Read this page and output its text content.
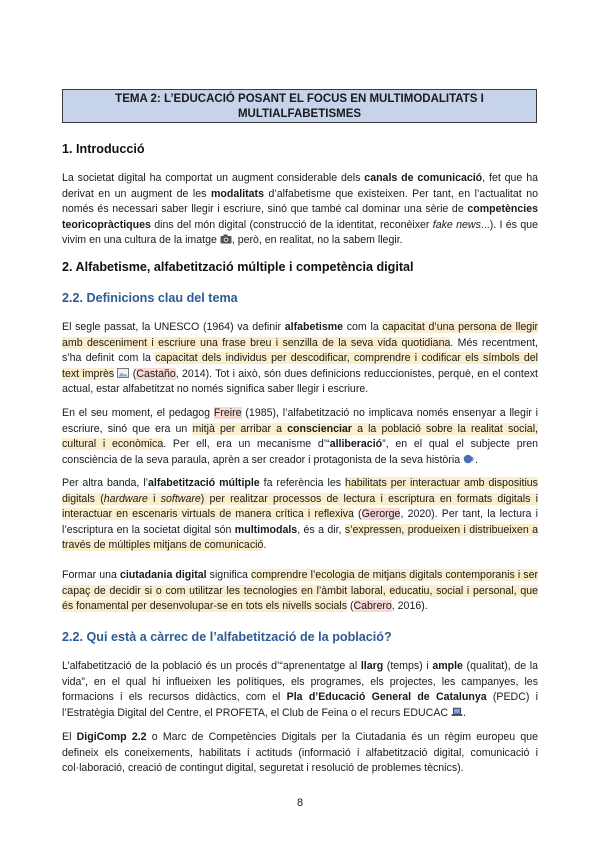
TEMA 2: L’EDUCACIÓ POSANT EL FOCUS EN MULTIMODALITATS I
MULTIALFABETISMES
1. Introducció
La societat digital ha comportat un augment considerable dels canals de comunicació, fet que ha derivat en un augment de les modalitats d’alfabetisme que existeixen. Per tant, en l’actualitat no només és necessari saber llegir i escriure, sinó que també cal dominar una sèrie de competències teoricopràctiques dins del món digital (construcció de la identitat, reconèixer fake news...). I és que vivim en una cultura de la imatge , però, en realitat, no la sabem llegir.
2. Alfabetisme, alfabetització múltiple i competència digital
2.2. Definicions clau del tema
El segle passat, la UNESCO (1964) va definir alfabetisme com la capacitat d’una persona de llegir amb desceniment i escriure una frase breu i senzilla de la seva vida quotidiana. Més recentment, s’ha definit com la capacitat dels individus per descodificar, comprendre i codificar els símbols del text imprès  (Castaño, 2014). Tot i això, són dues definicions reduccionistes, perquè, en el context actual, estar alfabetitzat no només significa saber llegir i escriure.
En el seu moment, el pedagog Freire (1985), l’alfabetització no implicava només ensenyar a llegir i escriure, sinó que era un mitjà per arribar a conscienciar a la població sobre la realitat social, cultural i econòmica. Per ell, era un mecanisme d’“alliberació”, en el qual el subjecte pren consciència de la seva paraula, aprèn a ser creador i protagonista de la seva història .
Per altra banda, l’alfabetització múltiple fa referència les habilitats per interactuar amb dispositius digitals (hardware i software) per realitzar processos de lectura i escriptura en formats digitals i interactuar en escenaris virtuals de manera crítica i reflexiva (Gerorge, 2020). Per tant, la lectura i l’escriptura en la societat digital són multimodals, és a dir, s’expressen, produeixen i distribueixen a través de múltiples mitjans de comunicació.
Formar una ciutadania digital significa comprendre l’ecologia de mitjans digitals contemporanis i ser capaç de decidir si o com utilitzar les tecnologies en l’àmbit laboral, educatiu, social i personal, que és fonamental per desenvolupar-se en tots els nivells socials (Cabrero, 2016).
2.2. Qui està a càrrec de l’alfabetització de la població?
L’alfabetització de la població és un procés d’“aprenentatge al llarg (temps) i ample (qualitat), de la vida”, en el qual hi influeixen les polítiques, els programes, els projectes, les campanyes, les formacions i els recursos didàctics, com el Pla d’Educació General de Catalunya (PEDC) i l’Estratègia Digital del Centre, el PROFETA, el Club de Feina o el recurs EDUCAC .
El DigiComp 2.2 o Marc de Competències Digitals per la Ciutadania és un règim europeu que defineix els coneixements, habilitats i actituds (informació i alfabetització digital, comunicació i col·laboració, creació de contingut digital, seguretat i resolució de problemes tècnics).
8
